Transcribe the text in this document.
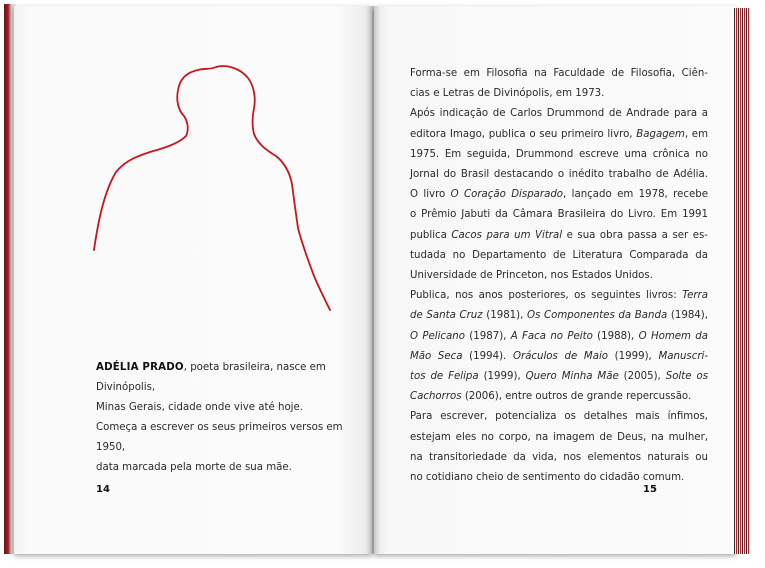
ADÉLIA PRADO, poeta brasileira, nasce em Divinópolis,

Minas Gerais, cidade onde vive até hoje.

Começa a escrever os seus primeiros versos em 1950,

data marcada pela morte de sua mãe.

14
Forma-se em Filosofia na Faculdade de Filosofia, Ciên-
cias e Letras de Divinópolis, em 1973.
Após indicação de Carlos Drummond de Andrade para a
editora Imago, publica o seu primeiro livro, Bagagem, em
1975. Em seguida, Drummond escreve uma crônica no
Jornal do Brasil destacando o inédito trabalho de Adélia.
O livro O Coração Disparado, lançado em 1978, recebe
o Prêmio Jabuti da Câmara Brasileira do Livro. Em 1991
publica Cacos para um Vitral e sua obra passa a ser es-
tudada no Departamento de Literatura Comparada da
Universidade de Princeton, nos Estados Unidos.
Publica, nos anos posteriores, os seguintes livros: Terra
de Santa Cruz (1981), Os Componentes da Banda (1984),
O Pelicano (1987), A Faca no Peito (1988), O Homem da
Mão Seca (1994). Oráculos de Maio (1999), Manuscri-
tos de Felipa (1999), Quero Minha Mãe (2005), Solte os
Cachorros (2006), entre outros de grande repercussão.
Para escrever, potencializa os detalhes mais ínfimos,
estejam eles no corpo, na imagem de Deus, na mulher,
na transitoriedade da vida, nos elementos naturais ou
no cotidiano cheio de sentimento do cidadão comum.
15
